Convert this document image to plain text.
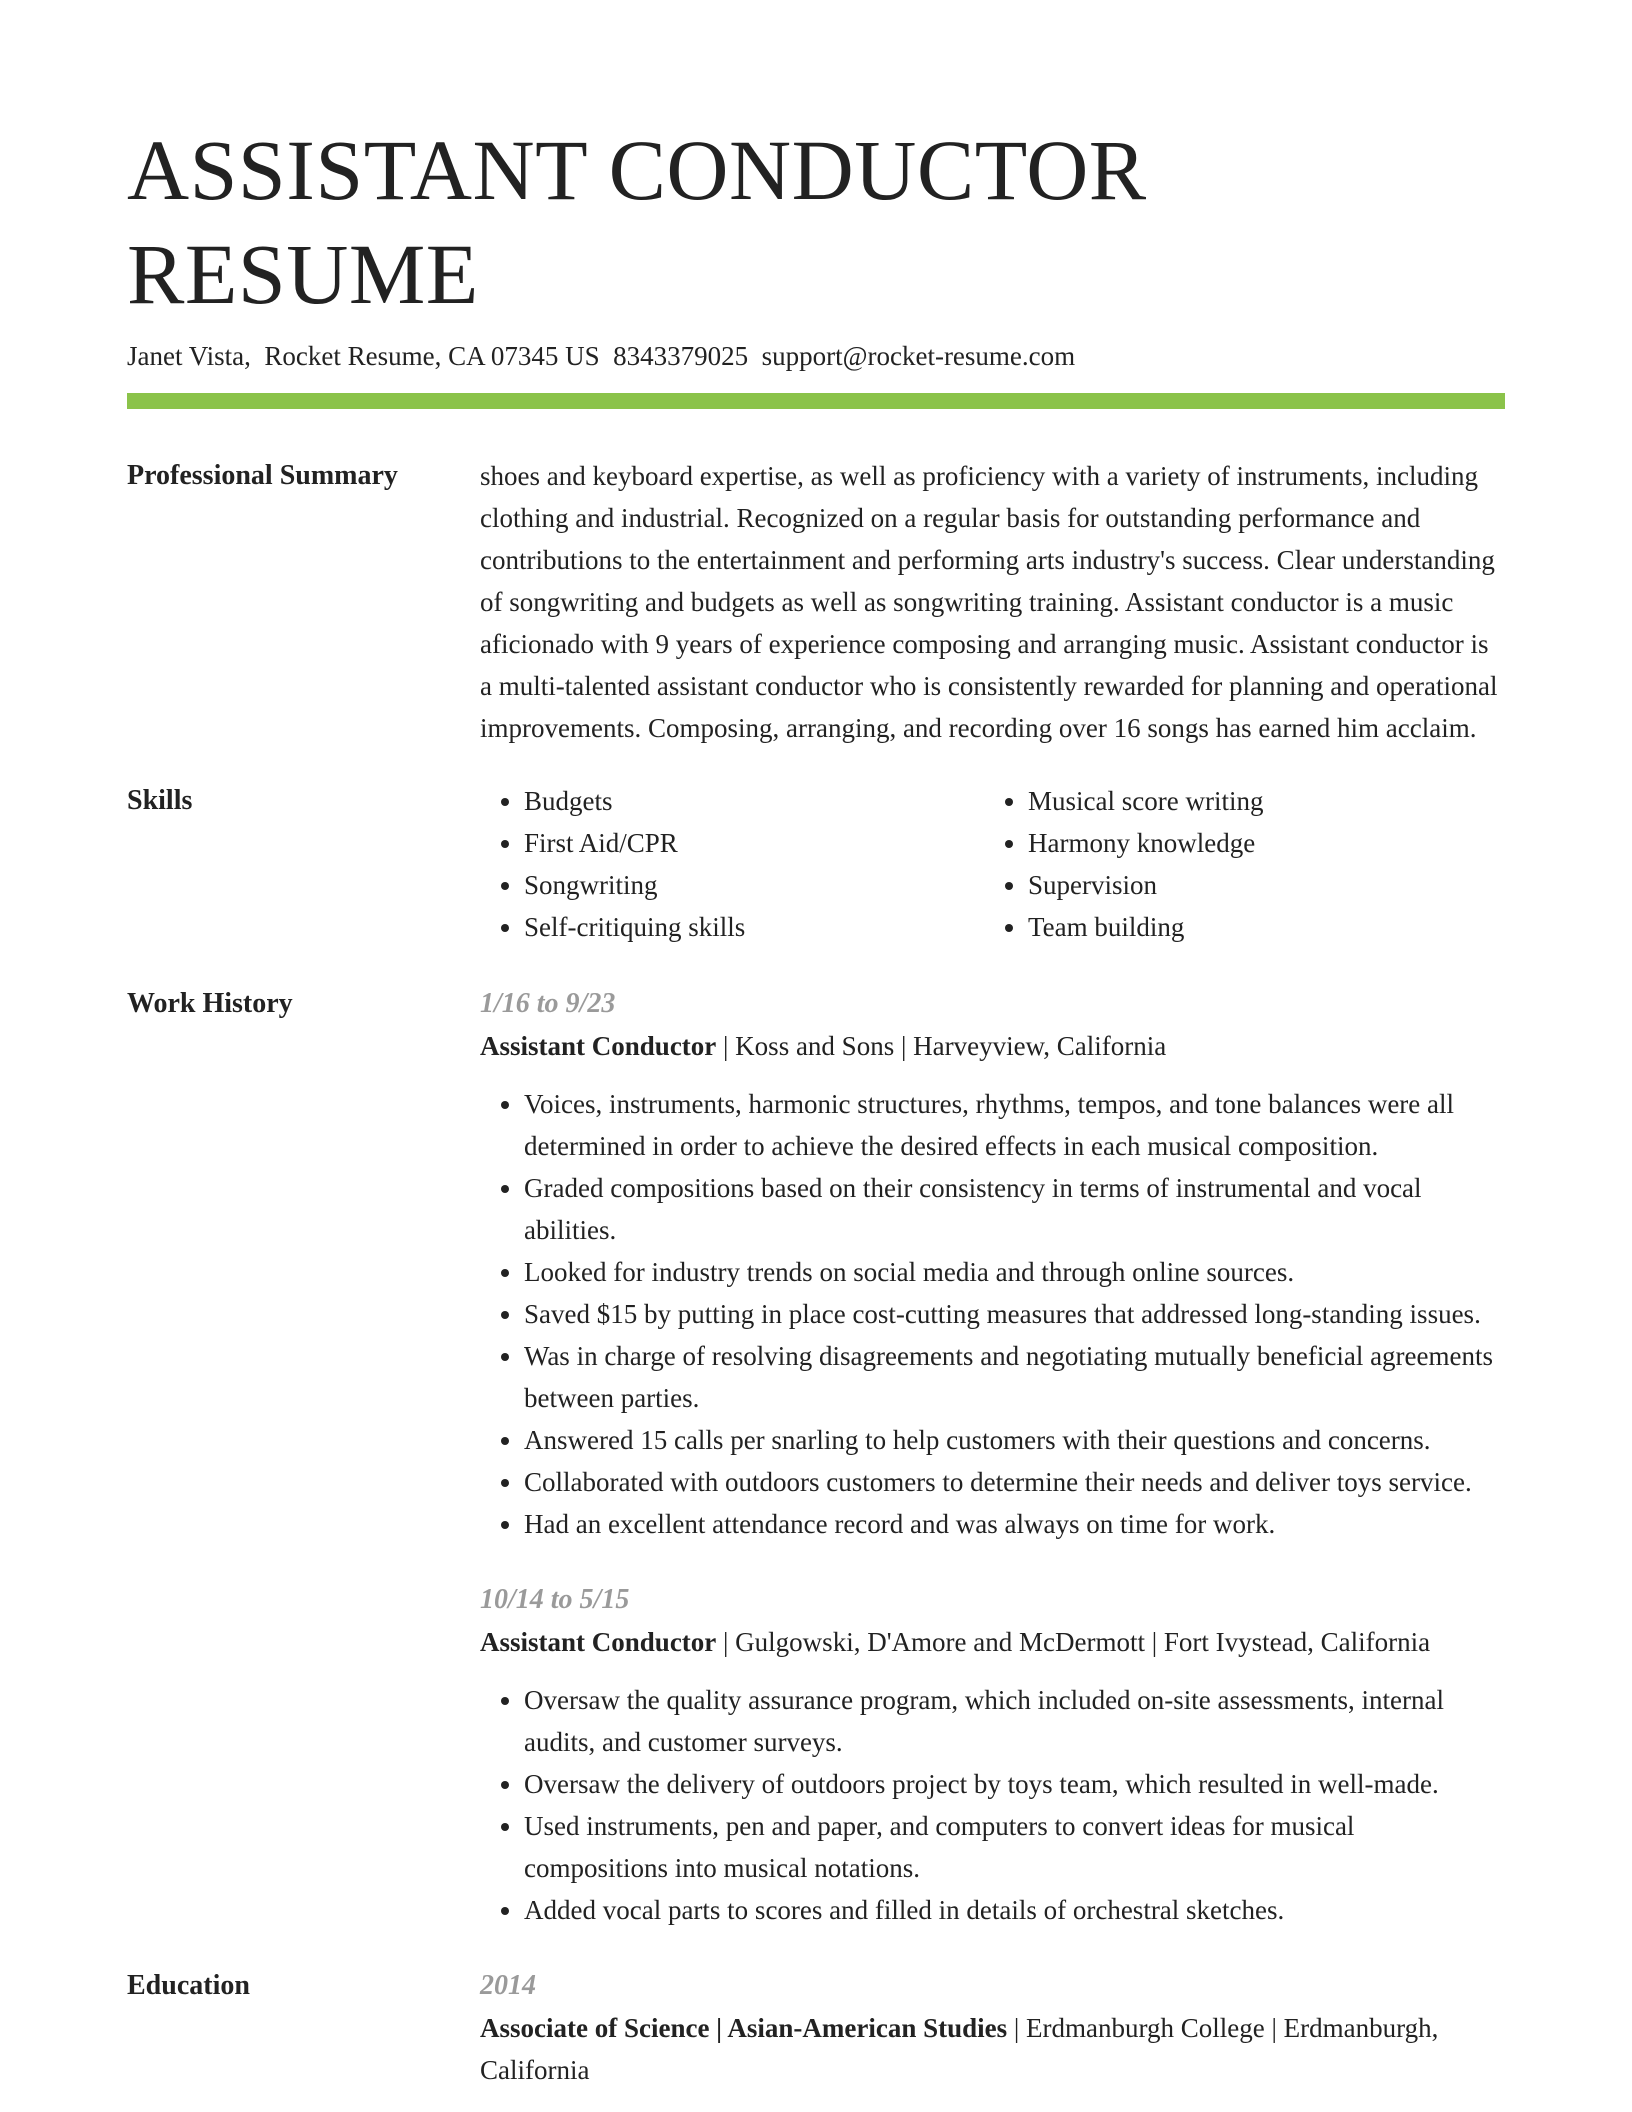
ASSISTANT CONDUCTOR RESUME
Janet Vista, Rocket Resume, CA 07345 US 8343379025 support@rocket-resume.com
Professional Summary	shoes and keyboard expertise, as well as proficiency with a variety of instruments, including clothing and industrial. Recognized on a regular basis for outstanding performance and contributions to the entertainment and performing arts industry's success. Clear understanding of songwriting and budgets as well as songwriting training. Assistant conductor is a music aficionado with 9 years of experience composing and arranging music. Assistant conductor is a multi-talented assistant conductor who is consistently rewarded for planning and operational improvements. Composing, arranging, and recording over 16 songs has earned him acclaim.

Skills
•	Budgets
• First Aid/CPR
• Songwriting
• Self-critiquing skills
• Musical score writing
• Harmony knowledge
• Supervision
• Team building
Work History	1/16 to 9/23
Assistant Conductor | Koss and Sons | Harveyview, California
• Voices, instruments, harmonic structures, rhythms, tempos, and tone balances were all determined in order to achieve the desired effects in each musical composition.
• Graded compositions based on their consistency in terms of instrumental and vocal abilities.
• Looked for industry trends on social media and through online sources.
• Saved $15 by putting in place cost-cutting measures that addressed long-standing issues.
• Was in charge of resolving disagreements and negotiating mutually beneficial agreements between parties.
• Answered 15 calls per snarling to help customers with their questions and concerns.
• Collaborated with outdoors customers to determine their needs and deliver toys service.
• Had an excellent attendance record and was always on time for work.
10/14 to 5/15
Assistant Conductor | Gulgowski, D'Amore and McDermott | Fort Ivystead, California
• Oversaw the quality assurance program, which included on-site assessments, internal audits, and customer surveys.
• Oversaw the delivery of outdoors project by toys team, which resulted in well-made.
• Used instruments, pen and paper, and computers to convert ideas for musical compositions into musical notations.
• Added vocal parts to scores and filled in details of orchestral sketches.
Education	2014
Associate of Science | Asian-American Studies | Erdmanburgh College | Erdmanburgh, California
